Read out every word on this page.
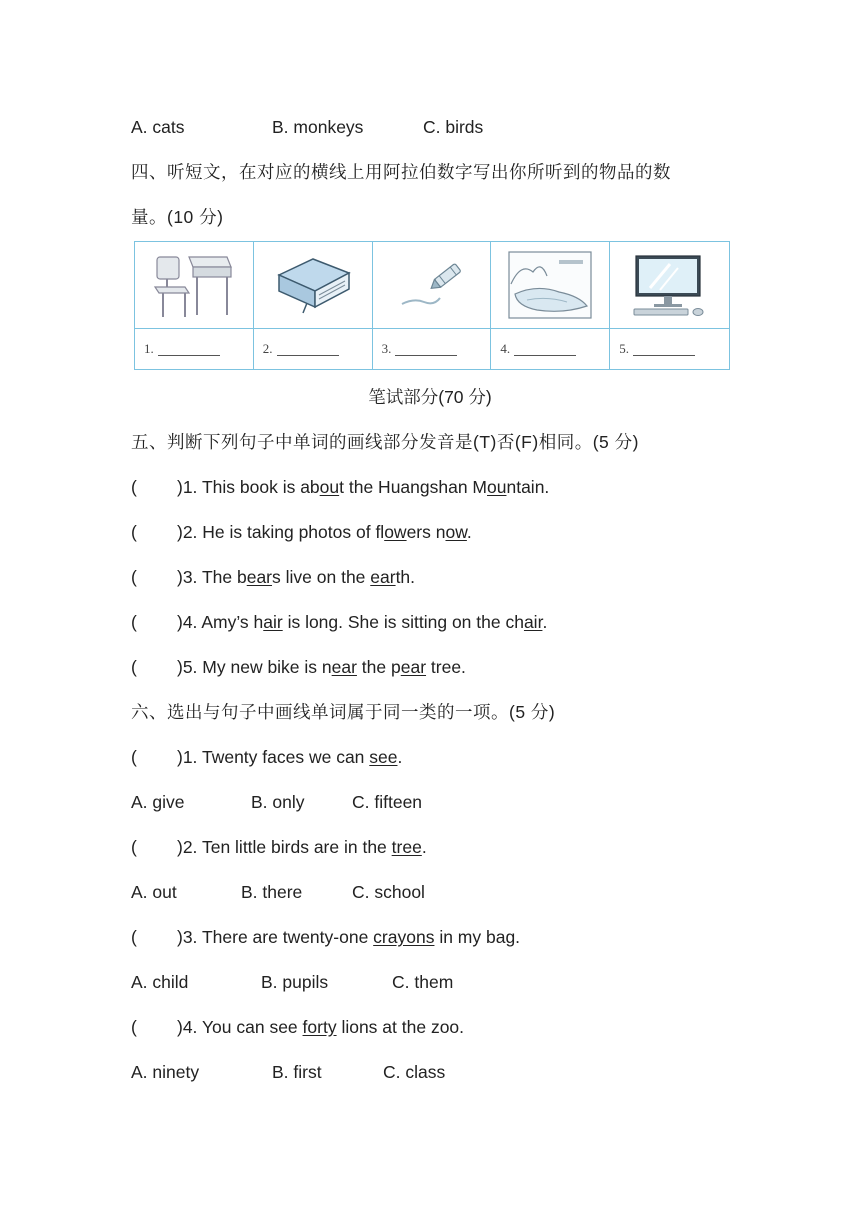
A. cats	B. monkeys	C. birds
四、听短文，在对应的横线上用阿拉伯数字写出你所听到的物品的数
量。(10 分)
1.	2.	3.	4.	5.
笔试部分(70 分)
五、判断下列句子中单词的画线部分发音是(T)否(F)相同。(5 分)
( )1. This book is about the Huangshan Mountain.
( )2. He is taking photos of flowers now.
( )3. The bears live on the earth.
( )4. Amy’s hair is long. She is sitting on the chair.
( )5. My new bike is near the pear tree.
六、选出与句子中画线单词属于同一类的一项。(5 分)
( )1. Twenty faces we can see.
A. give	B. only	C. fifteen
( )2. Ten little birds are in the tree.
A. out	B. there	C. school
( )3. There are twenty-one crayons in my bag.
A. child	B. pupils	C. them
( )4. You can see forty lions at the zoo.
A. ninety	B. first	C. class
